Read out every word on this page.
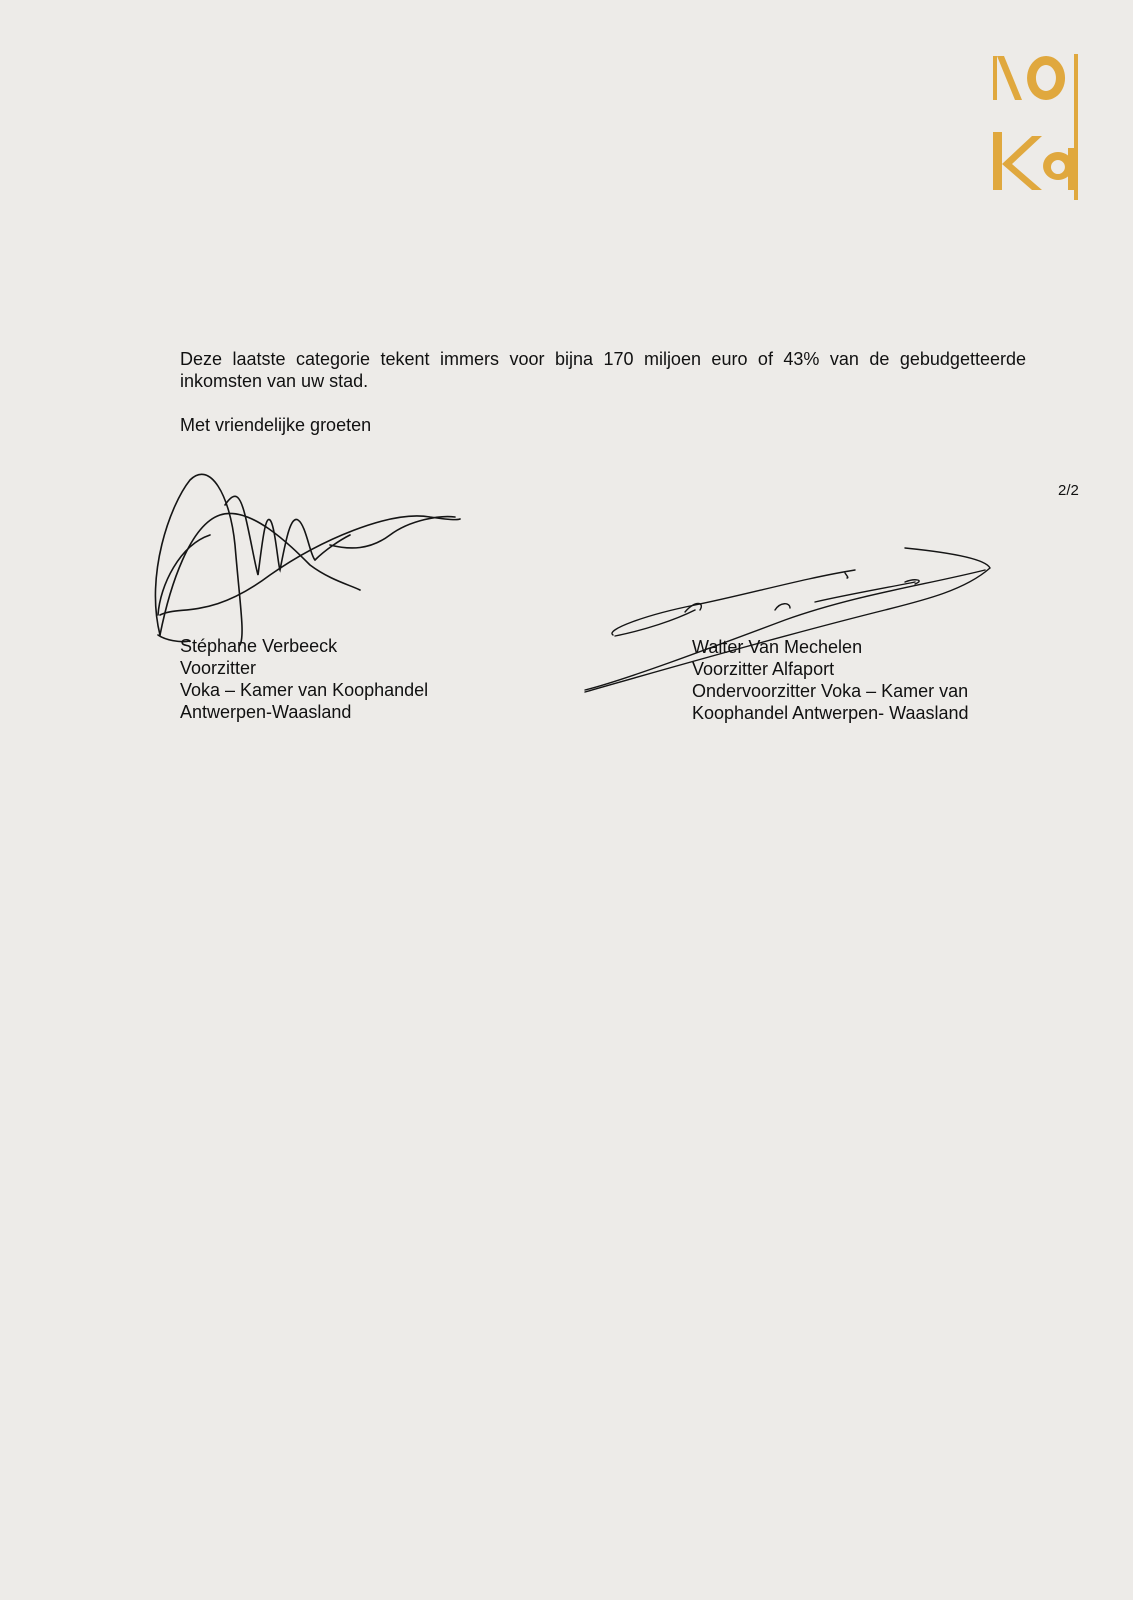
Deze laatste categorie tekent immers voor bijna 170 miljoen euro of 43% van de gebudgetteerde inkomsten van uw stad.

Met vriendelijke groeten

2/2
Stéphane Verbeeck
Voorzitter
Voka – Kamer van Koophandel
Antwerpen-Waasland
Walter Van Mechelen
Voorzitter Alfaport
Ondervoorzitter Voka – Kamer van
Koophandel Antwerpen- Waasland
